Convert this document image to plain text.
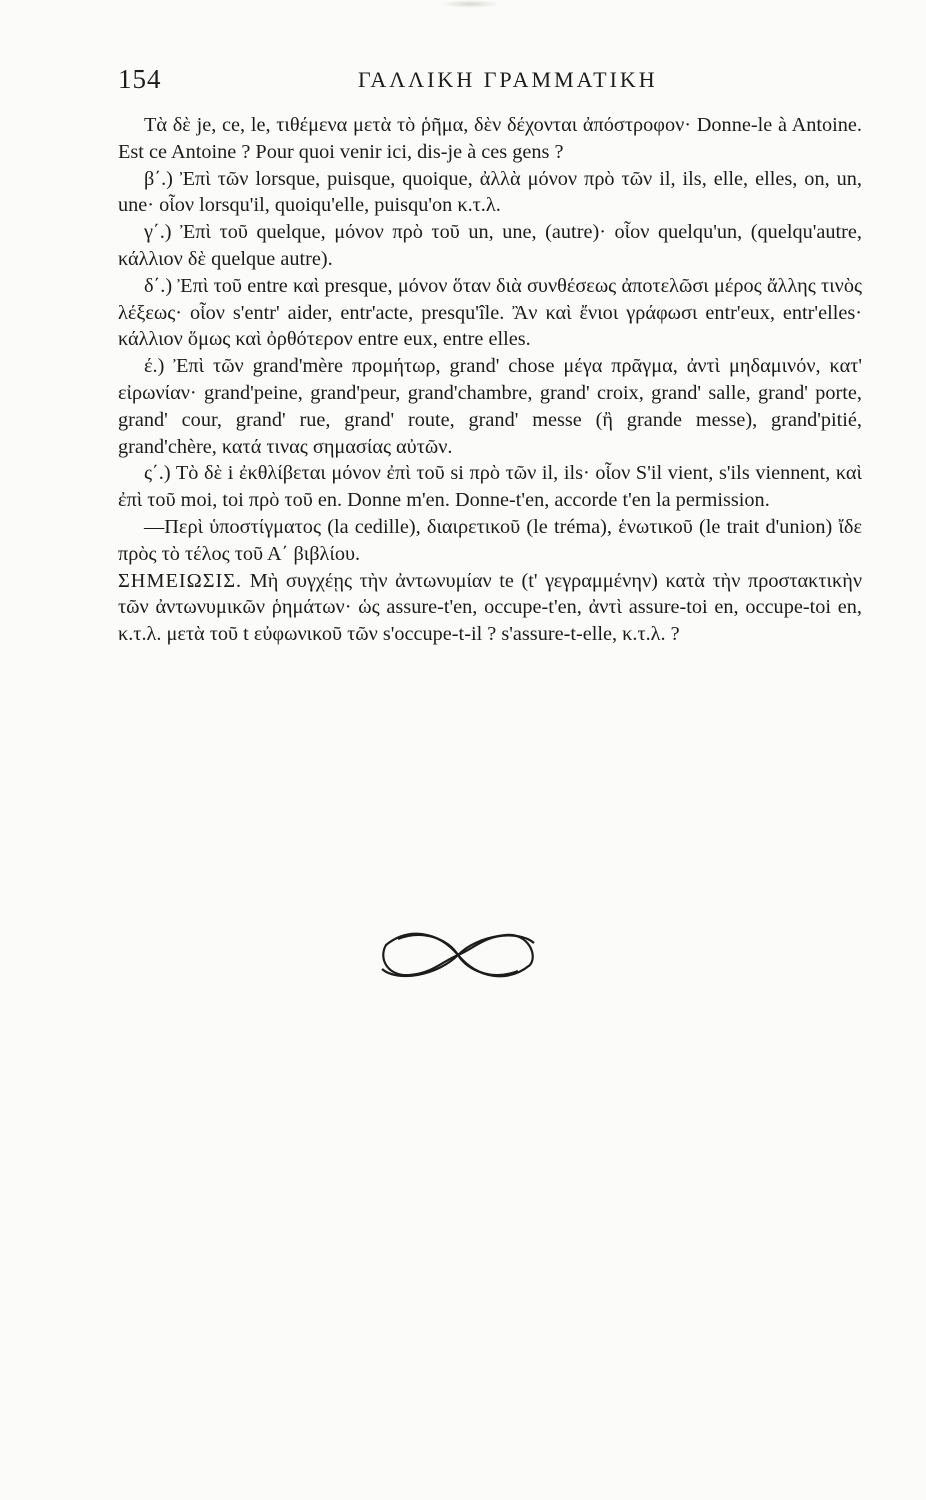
154	ΓΑΛΛΙΚΗ ΓΡΑΜΜΑΤΙΚΗ

Τὰ δὲ je, ce, le, τιθέμενα μετὰ τὸ ῥῆμα, δὲν δέχονται ἀπόστροφον· Donne-le à Antoine. Est ce Antoine ? Pour quoi venir ici, dis-je à ces gens ?

β΄.) Ἐπὶ τῶν lorsque, puisque, quoique, ἀλλὰ μόνον πρὸ τῶν il, ils, elle, elles, on, un, une· οἷον lorsqu'il, quoiqu'elle, puisqu'on κ.τ.λ.

γ΄.) Ἐπὶ τοῦ quelque, μόνον πρὸ τοῦ un, une, (autre)· οἷον quelqu'un, (quelqu'autre, κάλλιον δὲ quelque autre).

δ΄.) Ἐπὶ τοῦ entre καὶ presque, μόνον ὅταν διὰ συνθέσεως ἀποτελῶσι μέρος ἄλλης τινὸς λέξεως· οἷον s'entr' aider, entr'acte, presqu'île. Ἂν καὶ ἔνιοι γράφωσι entr'eux, entr'elles· κάλλιον ὅμως καὶ ὀρθότερον entre eux, entre elles.

έ.) Ἐπὶ τῶν grand'mère προμήτωρ, grand' chose μέγα πρᾶγμα, ἀντὶ μηδαμινόν, κατ' εἰρωνίαν· grand'peine, grand'peur, grand'chambre, grand' croix, grand' salle, grand' porte, grand' cour, grand' rue, grand' route, grand' messe (ἢ grande messe), grand'pitié, grand'chère, κατά τινας σημασίας αὐτῶν.

ς΄.) Τὸ δὲ i ἐκθλίβεται μόνον ἐπὶ τοῦ si πρὸ τῶν il, ils· οἷον S'il vient, s'ils viennent, καὶ ἐπὶ τοῦ moi, toi πρὸ τοῦ en. Donne m'en. Donne-t'en, accorde t'en la permission.

—Περὶ ὑποστίγματος (la cedille), διαιρετικοῦ (le tréma), ἑνωτικοῦ (le trait d'union) ἴδε πρὸς τὸ τέλος τοῦ Α΄ βιβλίου.

ΣΗΜΕΙΩΣΙΣ. Μὴ συγχέῃς τὴν ἀντωνυμίαν te (t' γεγραμμένην) κατὰ τὴν προστακτικὴν τῶν ἀντωνυμικῶν ῥημάτων· ὡς assure-t'en, occupe-t'en, ἀντὶ assure-toi en, occupe-toi en, κ.τ.λ. μετὰ τοῦ t εὐφωνικοῦ τῶν s'occupe-t-il ? s'assure-t-elle, κ.τ.λ. ?
